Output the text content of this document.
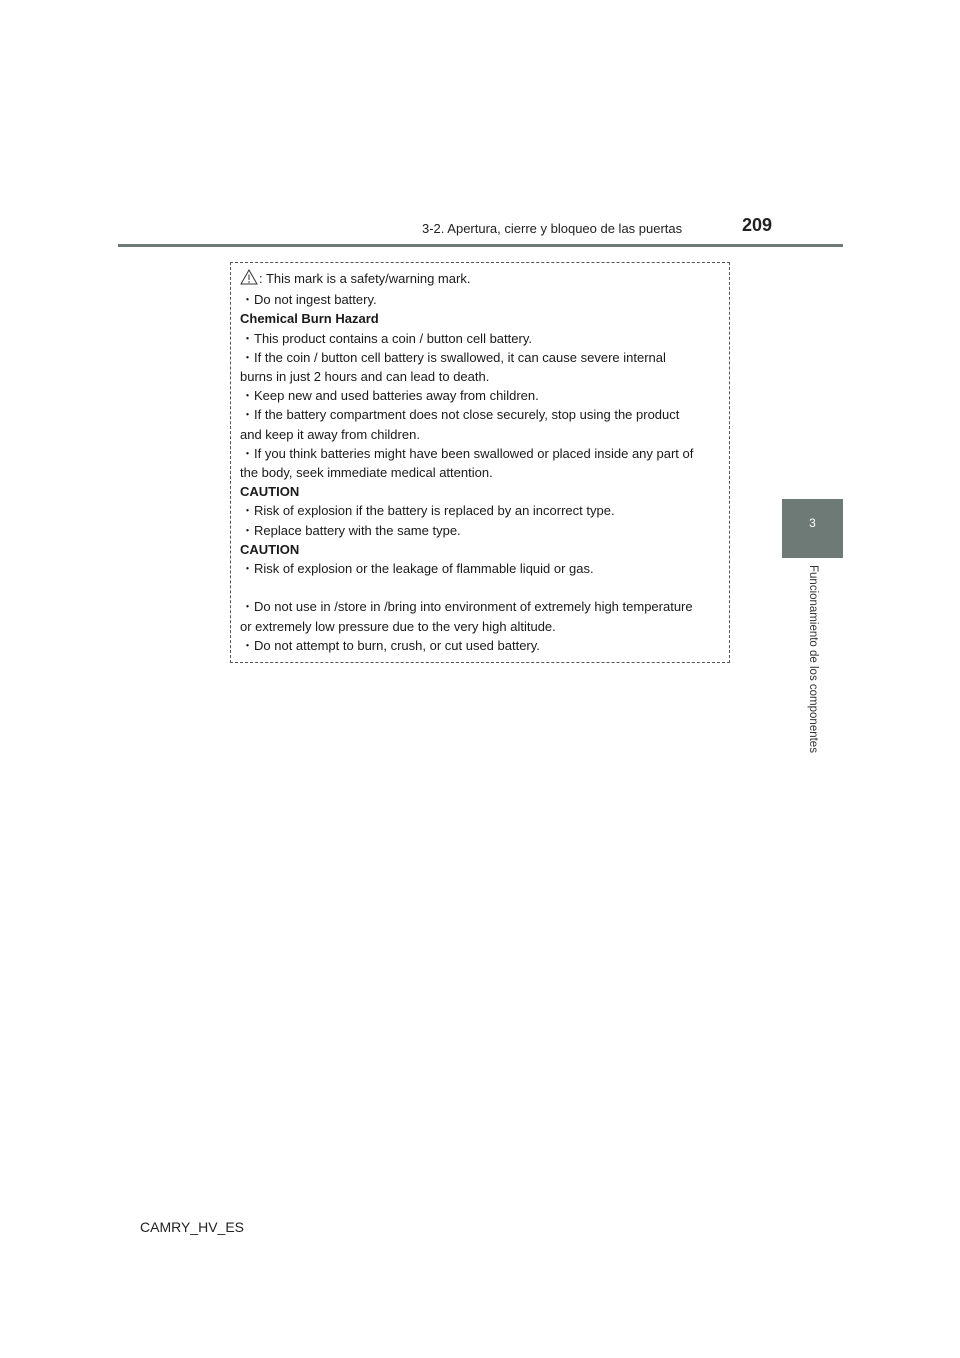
3-2. Apertura, cierre y bloqueo de las puertas	209
3
Funcionamiento de los componentes
: This mark is a safety/warning mark.
・Do not ingest battery.
Chemical Burn Hazard
・This product contains a coin / button cell battery.
・If the coin / button cell battery is swallowed, it can cause severe internal
burns in just 2 hours and can lead to death.
・Keep new and used batteries away from children.
・If the battery compartment does not close securely, stop using the product
and keep it away from children.
・If you think batteries might have been swallowed or placed inside any part of
the body, seek immediate medical attention.
CAUTION
・Risk of explosion if the battery is replaced by an incorrect type.
・Replace battery with the same type.
CAUTION
・Risk of explosion or the leakage of flammable liquid or gas.
・Do not use in /store in /bring into environment of extremely high temperature
or extremely low pressure due to the very high altitude.
・Do not attempt to burn, crush, or cut used battery.
CAMRY_HV_ES
